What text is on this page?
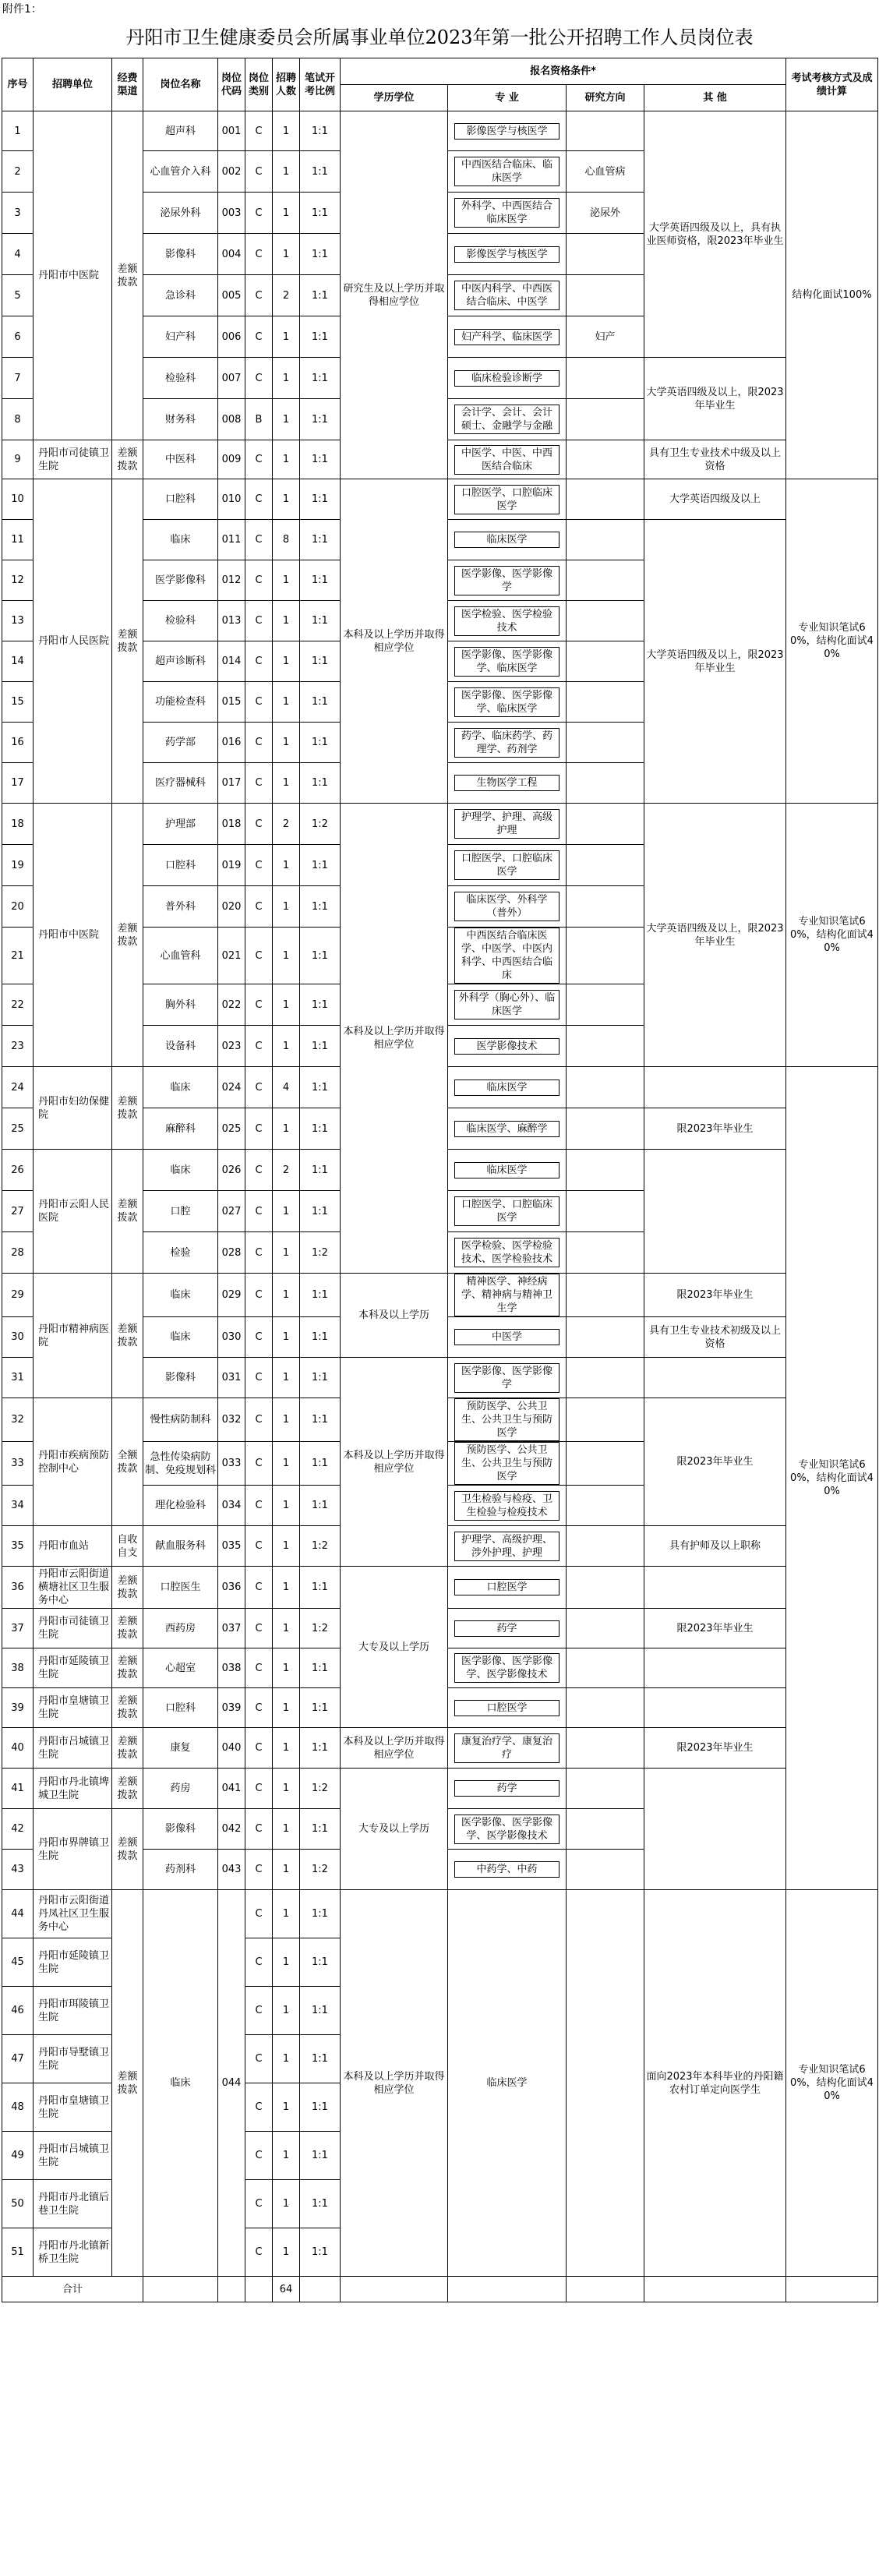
附件1：
丹阳市卫生健康委员会所属事业单位2023年第一批公开招聘工作人员岗位表
序号	招聘单位	经费渠道	岗位名称	岗位代码	岗位类别	招聘人数	笔试开考比例	报名资格条件*				考试考核方式及成绩计算
								学历学位	专 业	研究方向	其 他	
1	丹阳市中医院	差额拨款	超声科	001	C	1	1:1	研究生及以上学历并取得相应学位	影像医学与核医学		大学英语四级及以上，具有执业医师资格，限2023年毕业生	结构化面试100%
2			心血管介入科	002	C	1	1:1		中西医结合临床、临床医学	心血管病		
3			泌尿外科	003	C	1	1:1		外科学、中西医结合临床医学	泌尿外		
4			影像科	004	C	1	1:1		影像医学与核医学			

5			急诊科	005	C	2	1:1		中医内科学、中西医结合临床、中医学			

6			妇产科	006	C	1	1:1		妇产科学、临床医学	妇产		
7			检验科	007	C	1	1:1		临床检验诊断学		大学英语四级及以上，限2023年毕业生	
8			财务科	008	B	1	1:1		会计学、会计、会计硕士、金融学与金融			

9	丹阳市司徒镇卫生院	差额拨款	中医科	009	C	1	1:1		中医学、中医、中西医结合临床		具有卫生专业技术中级及以上资格	
10	丹阳市人民医院	差额拨款	口腔科	010	C	1	1:1	本科及以上学历并取得相应学位	口腔医学、口腔临床医学		大学英语四级及以上	专业知识笔试60%，结构化面试40%
11			临床	011	C	8	1:1		临床医学		大学英语四级及以上，限2023年毕业生	
12			医学影像科	012	C	1	1:1		医学影像、医学影像学			

13			检验科	013	C	1	1:1		医学检验、医学检验技术			

14			超声诊断科	014	C	1	1:1		医学影像、医学影像学、临床医学			

15			功能检查科	015	C	1	1:1		医学影像、医学影像学、临床医学			

16			药学部	016	C	1	1:1		药学、临床药学、药理学、药剂学			

17			医疗器械科	017	C	1	1:1		生物医学工程			

18	丹阳市中医院	差额拨款	护理部	018	C	2	1:2	本科及以上学历并取得相应学位	护理学、护理、高级护理		大学英语四级及以上，限2023年毕业生	专业知识笔试60%，结构化面试40%
19			口腔科	019	C	1	1:1		口腔医学、口腔临床医学			

20			普外科	020	C	1	1:1		临床医学、外科学（普外）			

21			心血管科	021	C	1	1:1		中西医结合临床医学、中医学、中医内科学、中西医结合临床			

22			胸外科	022	C	1	1:1		外科学（胸心外）、临床医学			

23			设备科	023	C	1	1:1		医学影像技术			

24	丹阳市妇幼保健院	差额拨款	临床	024	C	4	1:1		临床医学			专业知识笔试60%，结构化面试40%
25			麻醉科	025	C	1	1:1		临床医学、麻醉学		限2023年毕业生	
26	丹阳市云阳人民医院	差额拨款	临床	026	C	2	1:1		临床医学			

27			口腔	027	C	1	1:1		口腔医学、口腔临床医学			

28			检验	028	C	1	1:2		医学检验、医学检验技术、医学检验技术			

29	丹阳市精神病医院	差额拨款	临床	029	C	1	1:1	本科及以上学历	精神医学、神经病学、精神病与精神卫生学		限2023年毕业生	
30			临床	030	C	1	1:1		中医学		具有卫生专业技术初级及以上资格	
31			影像科	031	C	1	1:1	本科及以上学历并取得相应学位	医学影像、医学影像学			

32	丹阳市疾病预防控制中心	全额拨款	慢性病防制科	032	C	1	1:1		预防医学、公共卫生、公共卫生与预防医学		限2023年毕业生	
33			急性传染病防制、免疫规划科	033	C	1	1:1		预防医学、公共卫生、公共卫生与预防医学			

34			理化检验科	034	C	1	1:1		卫生检验与检疫、卫生检验与检疫技术			

35	丹阳市血站	自收自支	献血服务科	035	C	1	1:2		护理学、高级护理、涉外护理、护理		具有护师及以上职称	
36	丹阳市云阳街道横塘社区卫生服务中心	差额拨款	口腔医生	036	C	1	1:1	大专及以上学历	口腔医学			

37	丹阳市司徒镇卫生院	差额拨款	西药房	037	C	1	1:2		药学		限2023年毕业生	
38	丹阳市延陵镇卫生院	差额拨款	心超室	038	C	1	1:1		医学影像、医学影像学、医学影像技术			

39	丹阳市皇塘镇卫生院	差额拨款	口腔科	039	C	1	1:1		口腔医学			

40	丹阳市吕城镇卫生院	差额拨款	康复	040	C	1	1:1	本科及以上学历并取得相应学位	康复治疗学、康复治疗		限2023年毕业生	
41	丹阳市丹北镇埤城卫生院	差额拨款	药房	041	C	1	1:2	大专及以上学历	药学			

42	丹阳市界牌镇卫生院	差额拨款	影像科	042	C	1	1:1		医学影像、医学影像学、医学影像技术			

43			药剂科	043	C	1	1:2		中药学、中药			

44	丹阳市云阳街道丹凤社区卫生服务中心	差额拨款	临床	044	C	1	1:1	本科及以上学历并取得相应学位	临床医学		面向2023年本科毕业的丹阳籍农村订单定向医学生	专业知识笔试60%，结构化面试40%
45	丹阳市延陵镇卫生院				C	1	1:1					
46	丹阳市珥陵镇卫生院				C	1	1:1					
47	丹阳市导墅镇卫生院				C	1	1:1					
48	丹阳市皇塘镇卫生院				C	1	1:1					
49	丹阳市吕城镇卫生院				C	1	1:1					
50	丹阳市丹北镇后巷卫生院				C	1	1:1					
51	丹阳市丹北镇新桥卫生院				C	1	1:1					
合计						64						
